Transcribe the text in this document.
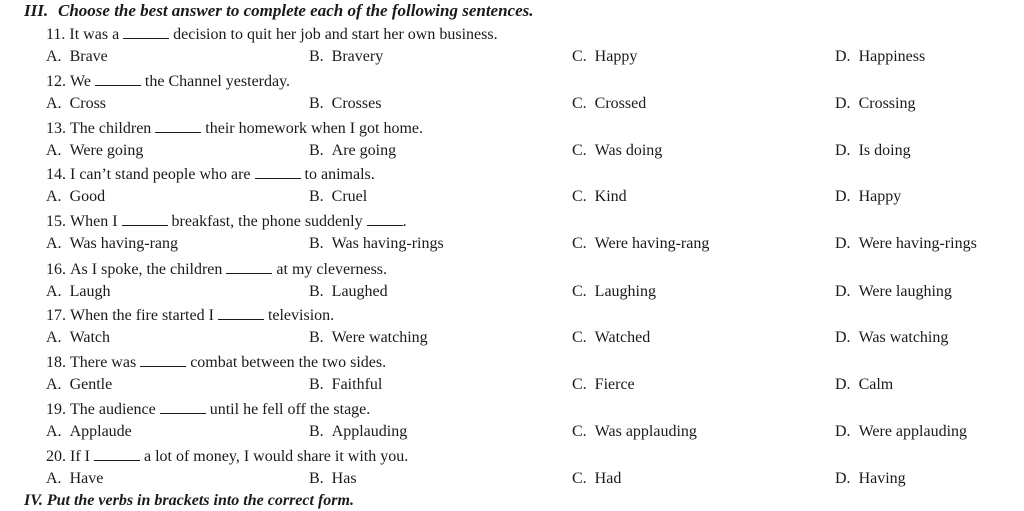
III. Choose the best answer to complete each of the following sentences.
11. It was a	decision to quit her job and start her own business.
A. Brave	B. Bravery	C. Happy	D. Happiness
12. We	the Channel yesterday.
A. Cross	B. Crosses	C. Crossed	D. Crossing
13. The children	their homework when I got home.
A. Were going	B. Are going	C. Was doing	D. Is doing
14. I can’t stand people who are	to animals.
A. Good	B. Cruel	C. Kind	D. Happy
15. When I	breakfast, the phone suddenly	.
A. Was having-rang	B. Was having-rings	C. Were having-rang	D. Were having-rings
16. As I spoke, the children	at my cleverness.
A. Laugh	B. Laughed	C. Laughing	D. Were laughing
17. When the fire started I	television.
A. Watch	B. Were watching	C. Watched	D. Was watching
18. There was	combat between the two sides.
A. Gentle	B. Faithful	C. Fierce	D. Calm
19. The audience	until he fell off the stage.
A. Applaude	B. Applauding	C. Was applauding	D. Were applauding
20. If I	a lot of money, I would share it with you.
A. Have	B. Has	C. Had	D. Having
IV. Put the verbs in brackets into the correct form.
